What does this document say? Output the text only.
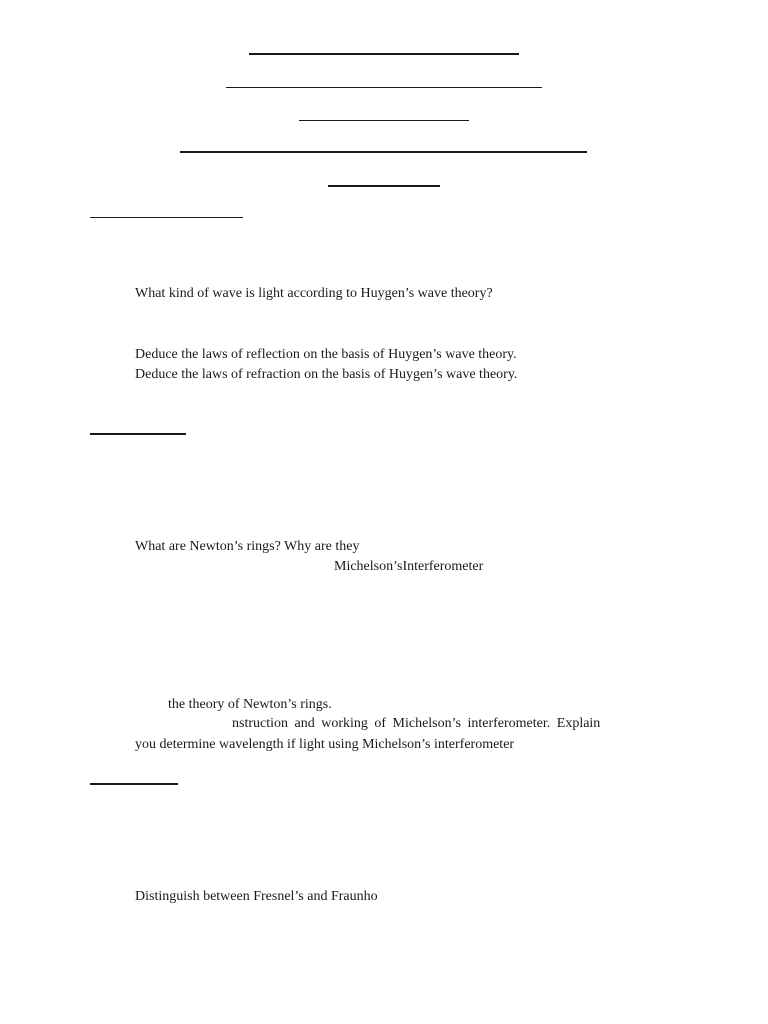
What kind of wave is light according to Huygen’s wave theory?
Deduce the laws of reflection on the basis of Huygen’s wave theory.
Deduce the laws of refraction on the basis of Huygen’s wave theory.
What are Newton’s rings? Why are they
Michelson’sInterferometer
the theory of Newton’s rings.
nstruction and working of Michelson’s interferometer. Explain
you determine wavelength if light using Michelson’s interferometer
Distinguish between Fresnel’s and Fraunho
